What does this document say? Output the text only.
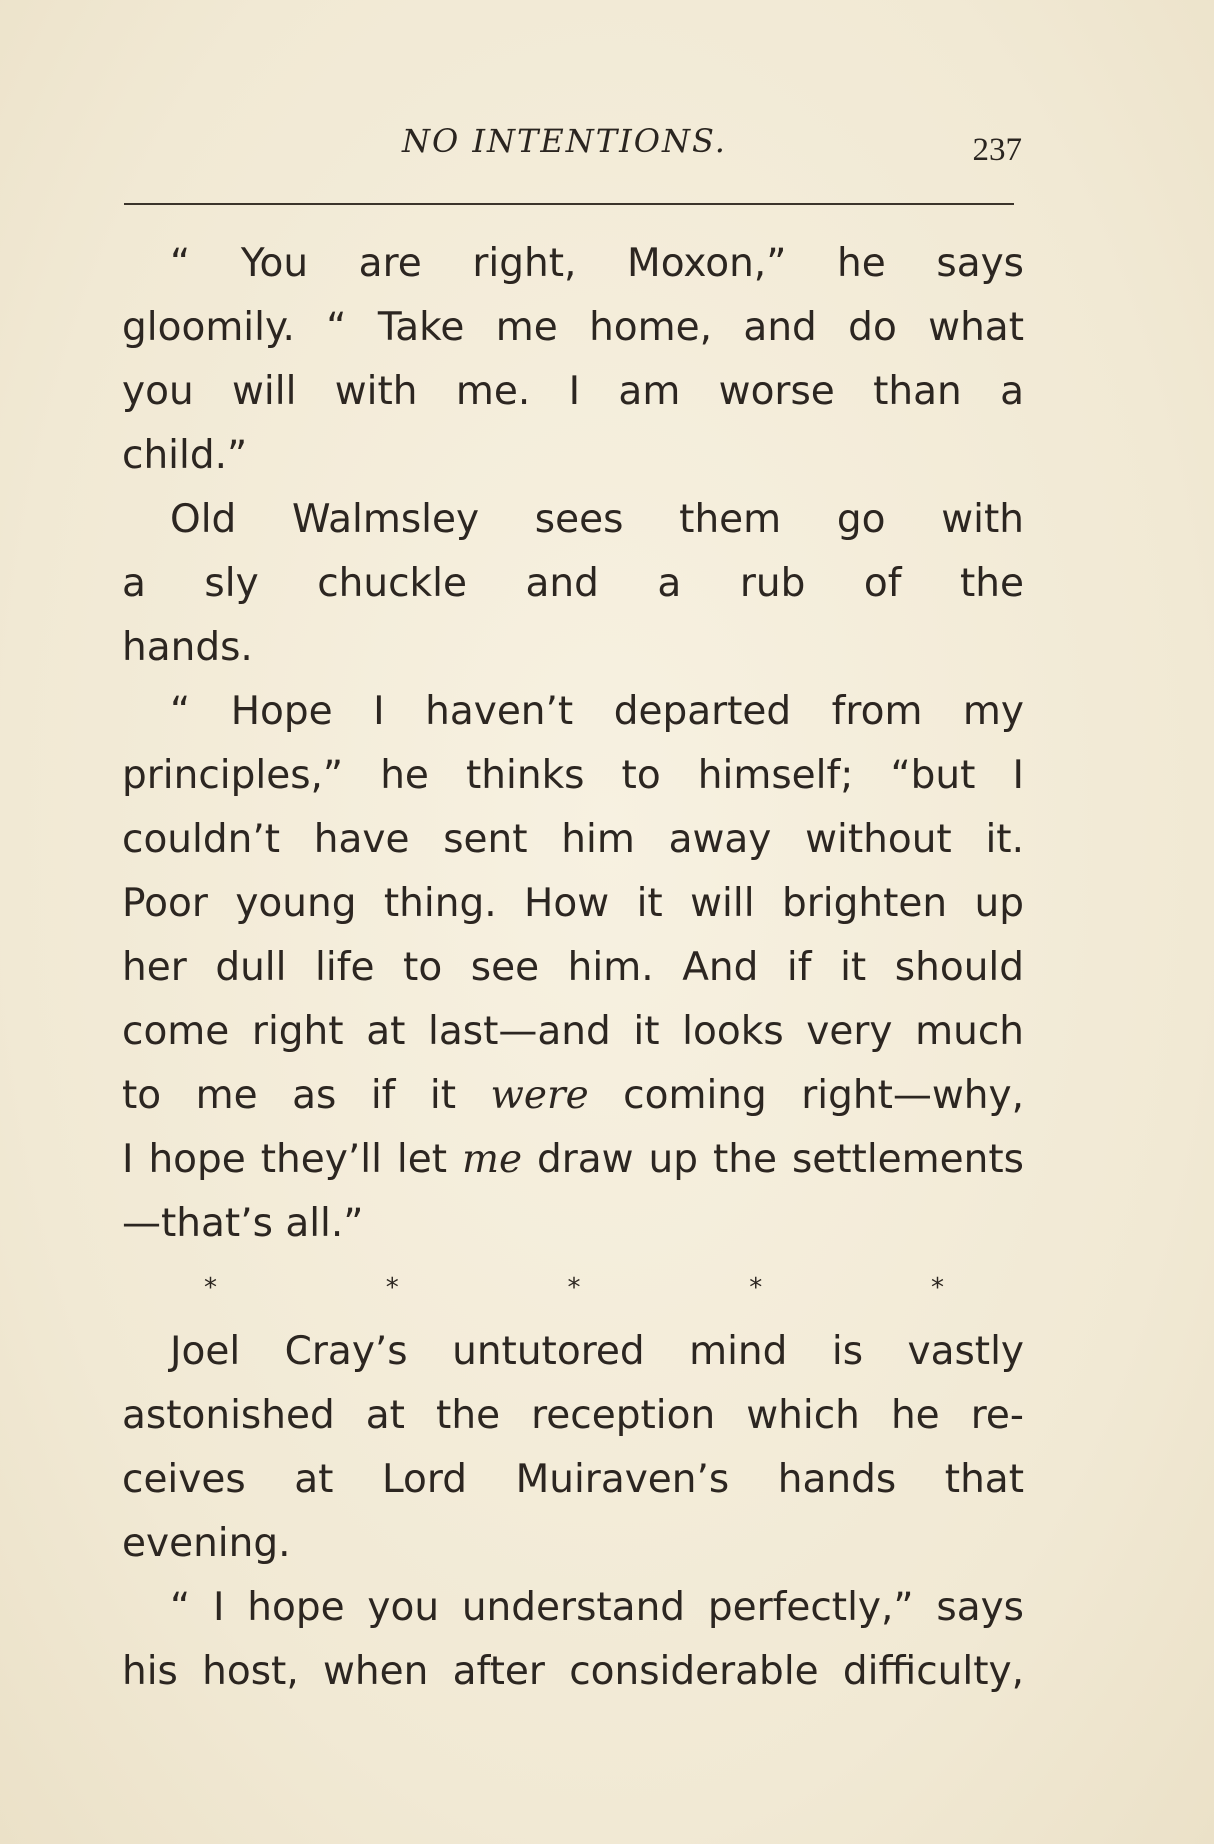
NO INTENTIONS.	237
“ You are right, Moxon,” he says
gloomily. “ Take me home, and do what
you will with me. I am worse than a
child.”
Old Walmsley sees them go with
a sly chuckle and a rub of the
hands.
“ Hope I haven’t departed from my
principles,” he thinks to himself; “but I
couldn’t have sent him away without it.
Poor young thing. How it will brighten up
her dull life to see him. And if it should
come right at last—and it looks very much
to me as if it were coming right—why,
I hope they’ll let me draw up the settlements
—that’s all.”
*	*	*	*	*
Joel Cray’s untutored mind is vastly
astonished at the reception which he re-
ceives at Lord Muiraven’s hands that
evening.
“ I hope you understand perfectly,” says
his host, when after considerable difficulty,
